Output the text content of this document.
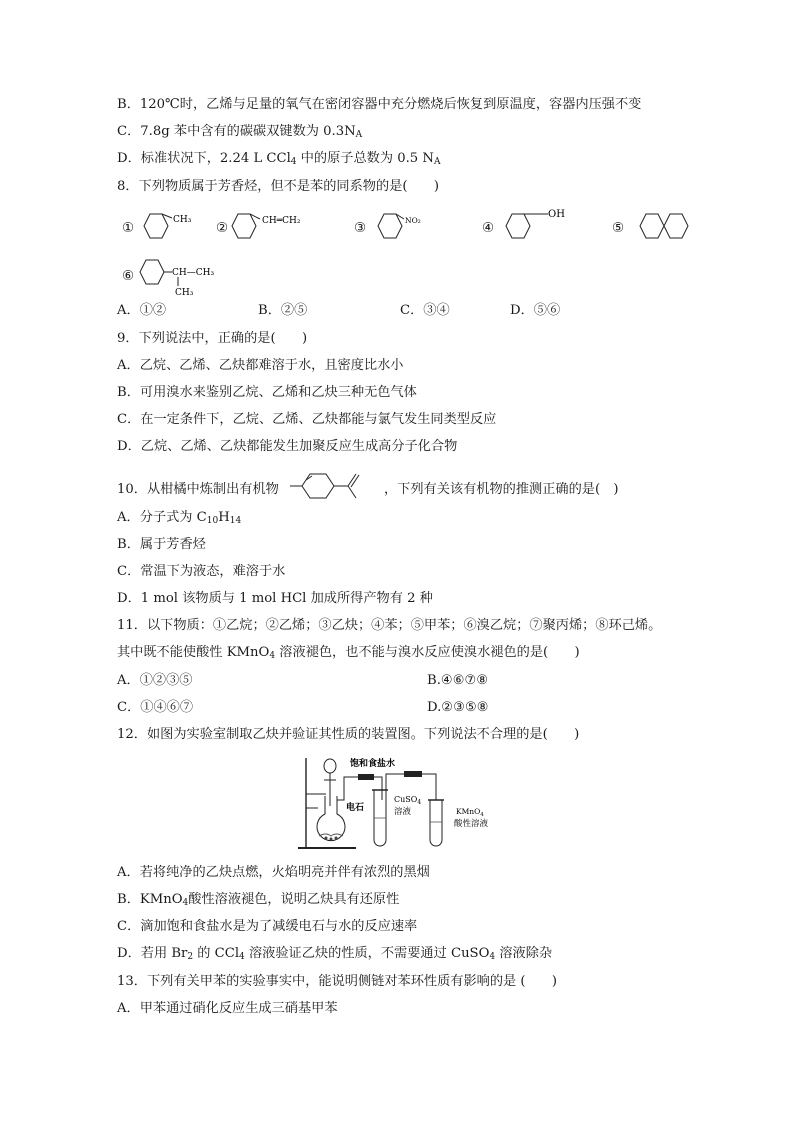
B．120℃时，乙烯与足量的氧气在密闭容器中充分燃烧后恢复到原温度，容器内压强不变
C．7.8g 苯中含有的碳碳双键数为 $0.3N_A$
D．标准状况下，2.24 L CCl$_4$ 中的原子总数为 0.5 $N_A$
8．下列物质属于芳香烃，但不是苯的同系物的是(　　)
①	CH₃ ②	CH═CH₂	③	NO₂	④
OH
⑤
⑥	CH—CH₃
CH₃
A．①②	B．②⑤	C．③④	D．⑤⑥
9．下列说法中，正确的是(　　)
A．乙烷、乙烯、乙炔都难溶于水，且密度比水小
B．可用溴水来鉴别乙烷、乙烯和乙炔三种无色气体
C．在一定条件下，乙烷、乙烯、乙炔都能与氯气发生同类型反应
D．乙烷、乙烯、乙炔都能发生加聚反应生成高分子化合物
10．从柑橘中炼制出有机物	，下列有关该有机物的推测正确的是(　)
A．分子式为 $C_{10}H_{14}$
B．属于芳香烃
C．常温下为液态，难溶于水
D．1 mol 该物质与 1 mol HCl 加成所得产物有 2 种
11．以下物质：①乙烷；②乙烯；③乙炔；④苯；⑤甲苯；⑥溴乙烷；⑦聚丙烯；⑧环己烯。
其中既不能使酸性 KMnO$_4$ 溶液褪色，也不能与溴水反应使溴水褪色的是(　　)
A．①②③⑤	B.④⑥⑦⑧
C．①④⑥⑦	D.②③⑤⑧
12．如图为实验室制取乙炔并验证其性质的装置图。下列说法不合理的是(　　)
饱和食盐水
电石
CuSO$_4$
溶液	KMnO$_4$
酸性溶液
A．若将纯净的乙炔点燃，火焰明亮并伴有浓烈的黑烟
B．KMnO$_4$酸性溶液褪色，说明乙炔具有还原性
C．滴加饱和食盐水是为了减缓电石与水的反应速率
D．若用 $Br_2$ 的 CCl$_4$ 溶液验证乙炔的性质，不需要通过 CuSO$_4$ 溶液除杂
13．下列有关甲苯的实验事实中，能说明侧链对苯环性质有影响的是 (　　)
A．甲苯通过硝化反应生成三硝基甲苯
